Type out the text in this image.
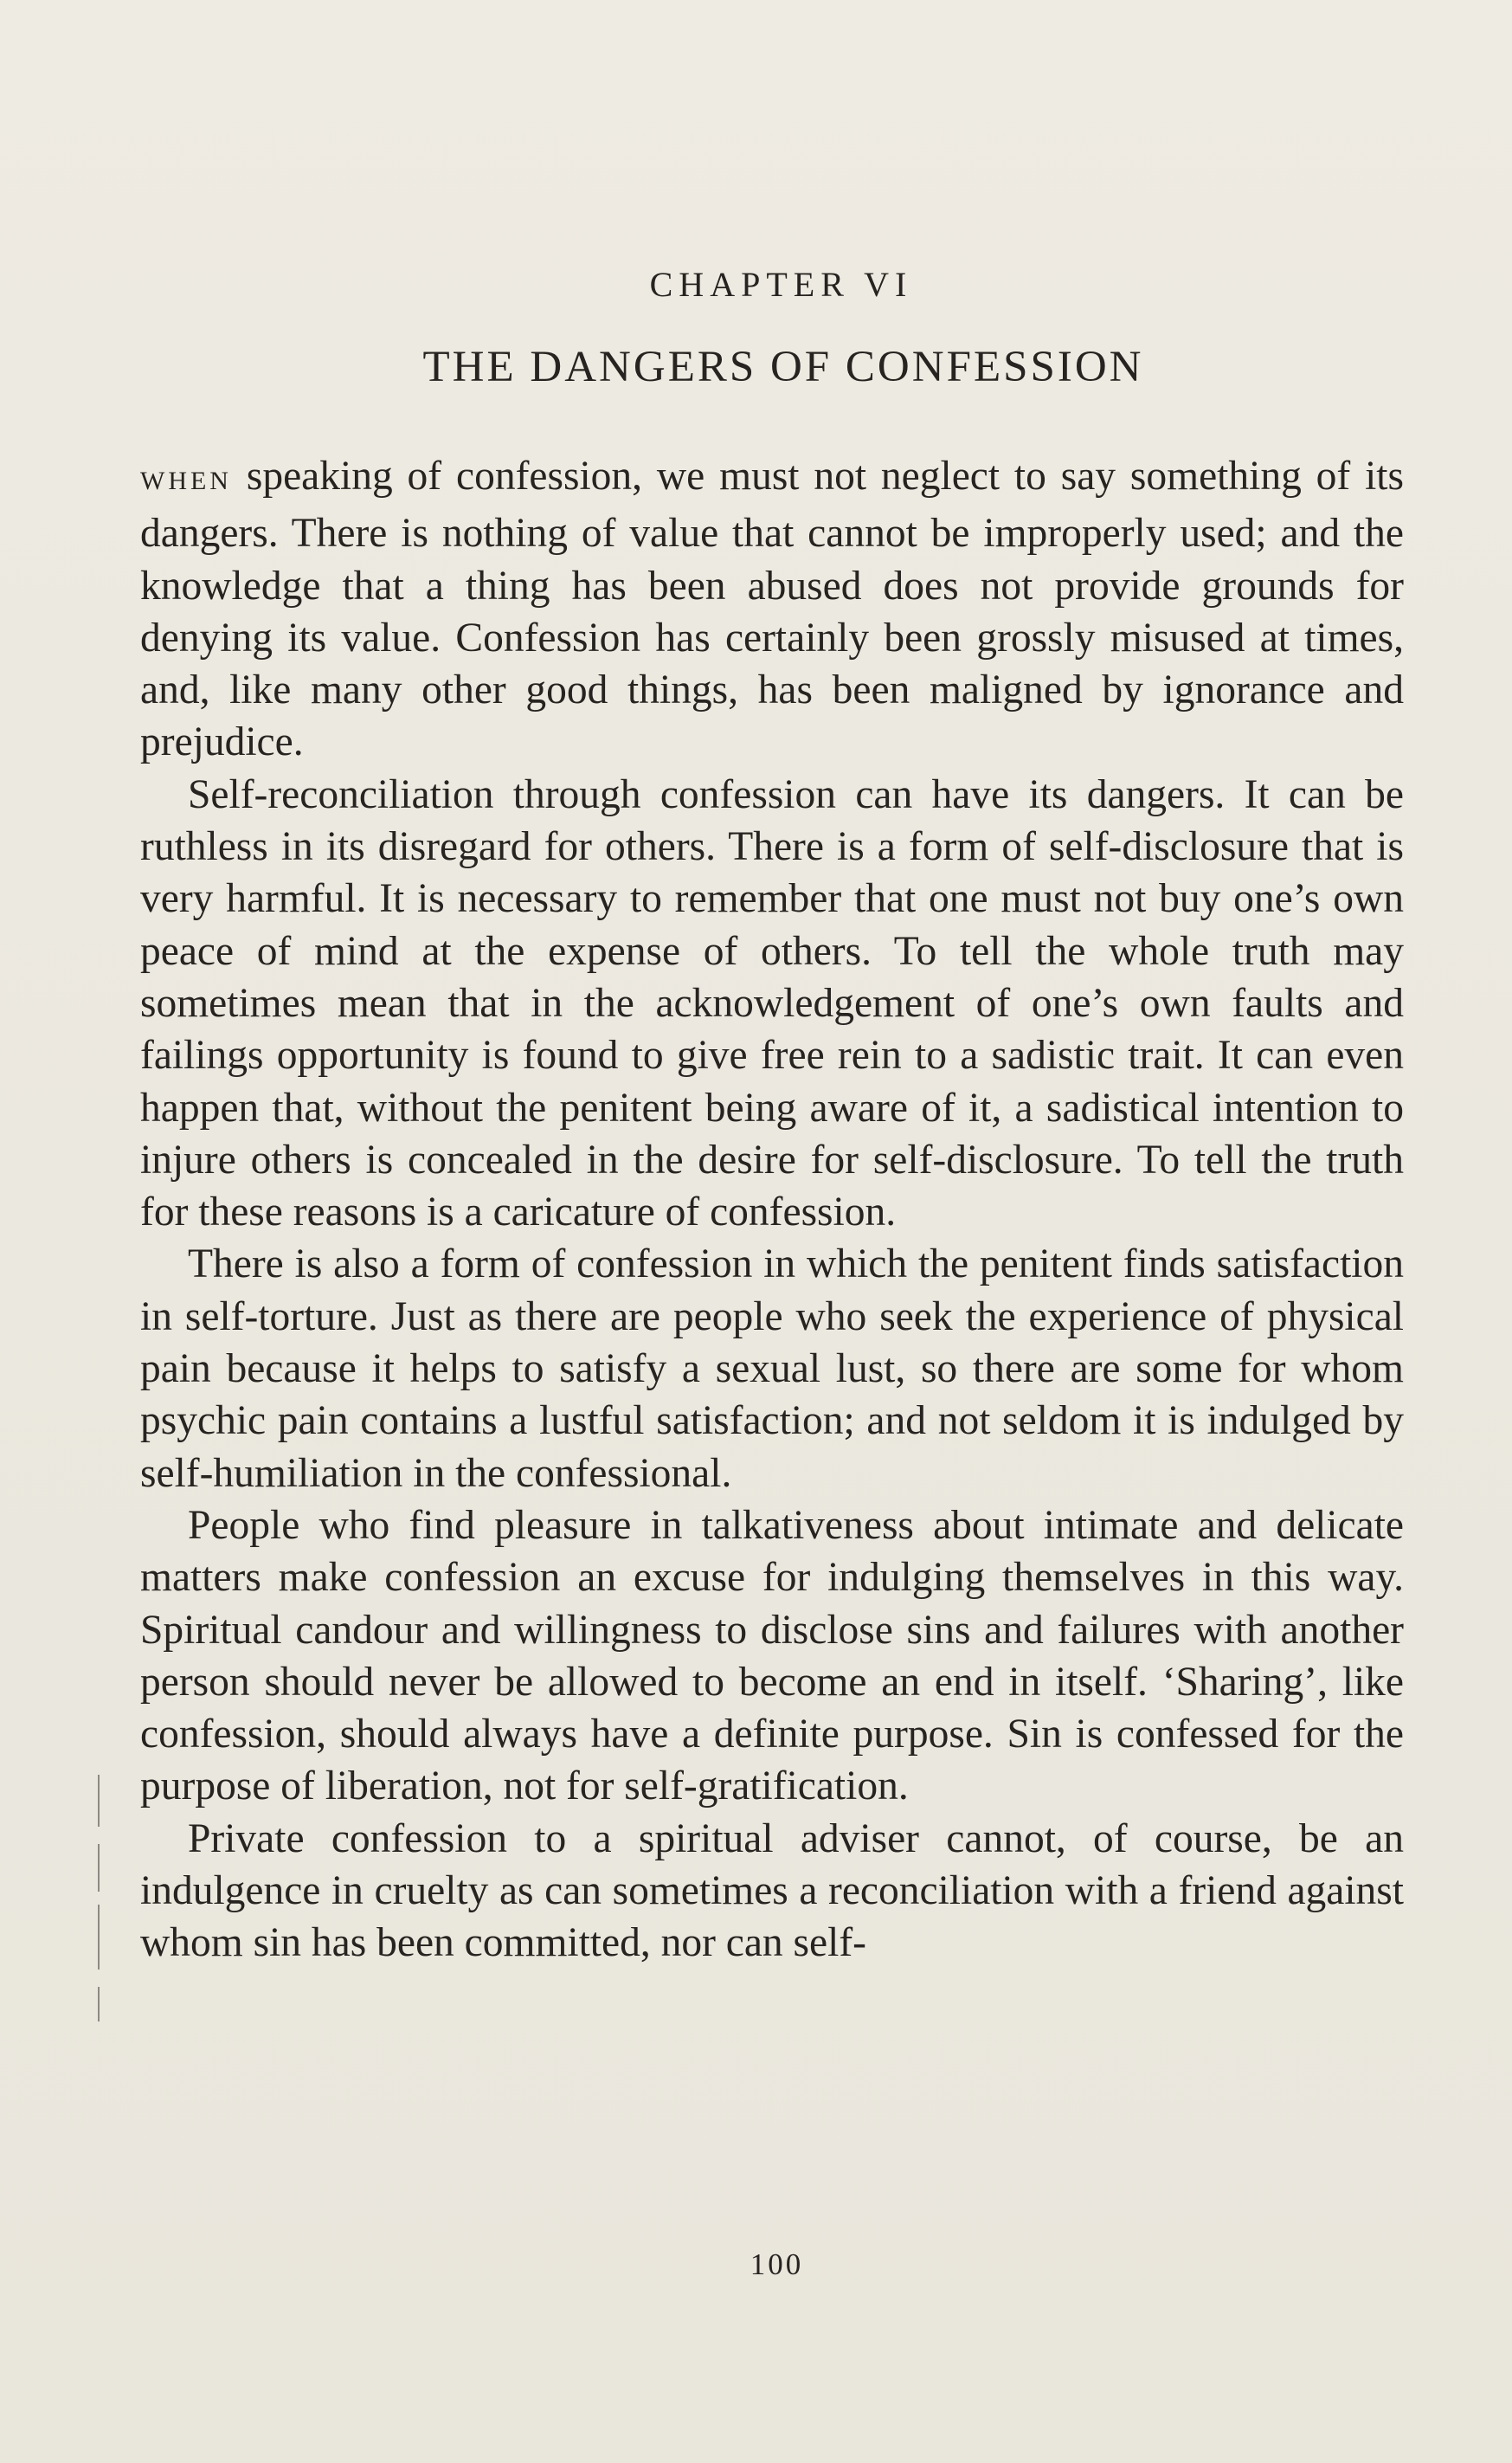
CHAPTER VI
THE DANGERS OF CONFESSION

WHEN speaking of confession, we must not neglect to say something of its dangers. There is nothing of value that cannot be improperly used; and the knowledge that a thing has been abused does not provide grounds for denying its value. Confession has certainly been grossly misused at times, and, like many other good things, has been maligned by ignorance and prejudice.

Self-reconciliation through confession can have its dangers. It can be ruthless in its disregard for others. There is a form of self-disclosure that is very harmful. It is necessary to remember that one must not buy one’s own peace of mind at the expense of others. To tell the whole truth may sometimes mean that in the acknowledgement of one’s own faults and failings opportunity is found to give free rein to a sadistic trait. It can even happen that, without the penitent being aware of it, a sadistical intention to injure others is concealed in the desire for self-disclosure. To tell the truth for these reasons is a caricature of confession.

There is also a form of confession in which the penitent finds satisfaction in self-torture. Just as there are people who seek the experience of physical pain because it helps to satisfy a sexual lust, so there are some for whom psychic pain contains a lustful satisfaction; and not seldom it is indulged by self-humiliation in the confessional.

People who find pleasure in talkativeness about intimate and delicate matters make confession an excuse for indulging themselves in this way. Spiritual candour and willingness to disclose sins and failures with another person should never be allowed to become an end in itself. ‘Sharing’, like confession, should always have a definite purpose. Sin is confessed for the purpose of liberation, not for self-gratification.

Private confession to a spiritual adviser cannot, of course, be an indulgence in cruelty as can sometimes a reconciliation with a friend against whom sin has been committed, nor can self-

100
